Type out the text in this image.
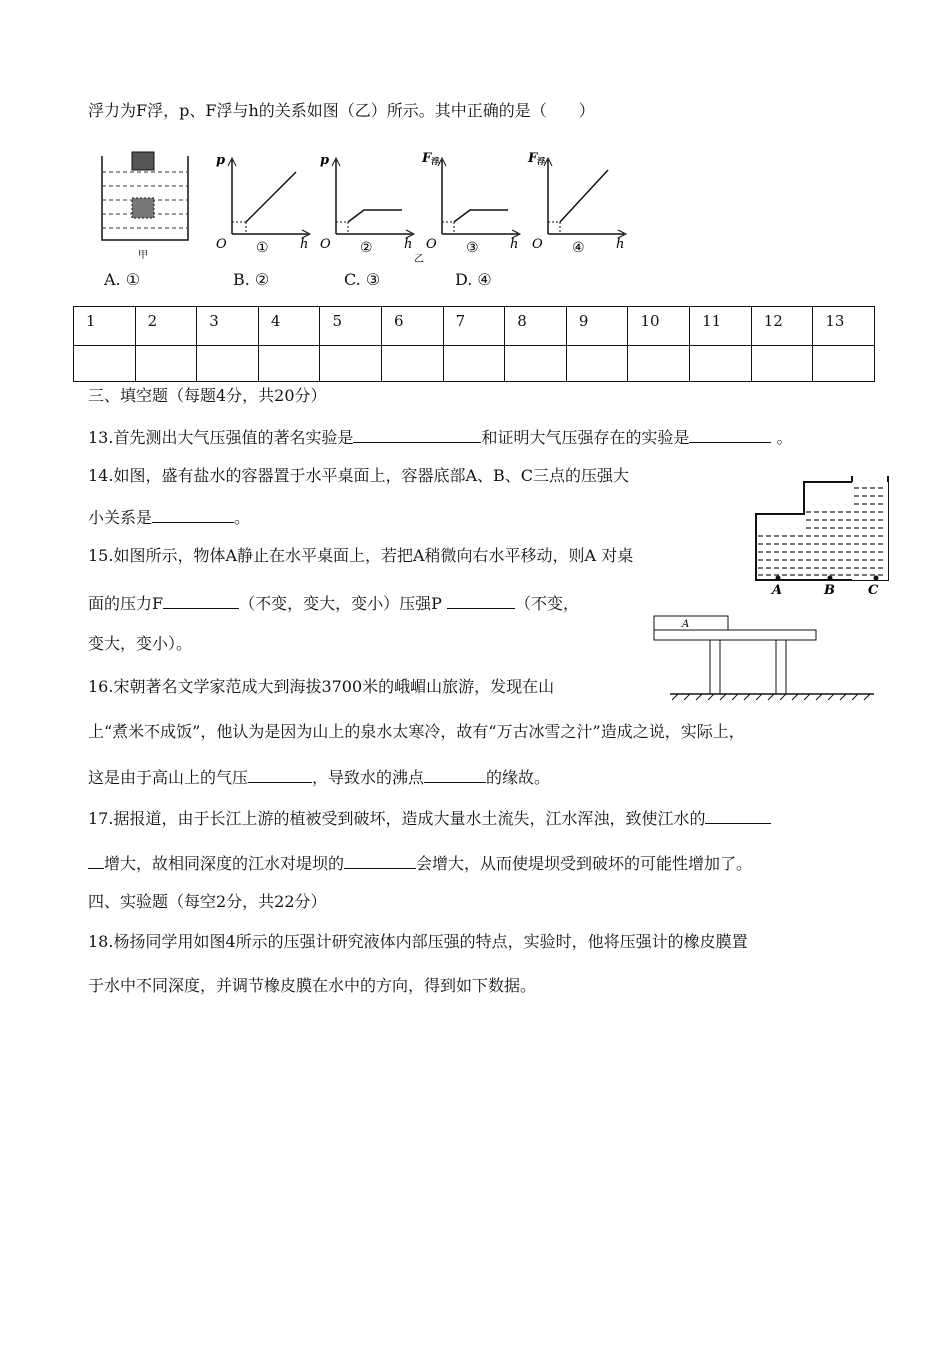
浮力为F浮，p、F浮与h的关系如图（乙）所示。其中正确的是（　　）
甲
p
O	h
①
p
O	h
②
F浮
O	h
③
乙
F浮
O	h
④
A. ①	B. ②	C. ③	D. ④
1	2	3	4	5	6	7	8	9	10	11	12	13

三、填空题（每题4分，共20分）
13.首先测出大气压强值的著名实验是	和证明大气压强存在的实验是	。
14.如图，盛有盐水的容器置于水平桌面上，容器底部A、B、C三点的压强大
小关系是	。
15.如图所示，物体A静止在水平桌面上，若把A稍微向右水平移动，则A 对桌
面的压力F	（不变，变大，变小）压强P	（不变，
变大，变小）。
16.宋朝著名文学家范成大到海拔3700米的峨嵋山旅游，发现在山
上“煮米不成饭”，他认为是因为山上的泉水太寒冷，故有“万古冰雪之汁”造成之说，实际上，
这是由于高山上的气压	，导致水的沸点	的缘故。
17.据报道，由于长江上游的植被受到破坏，造成大量水土流失，江水浑浊，致使江水的
增大，故相同深度的江水对堤坝的	会增大，从而使堤坝受到破坏的可能性增加了。
四、实验题（每空2分，共22分）
18.杨扬同学用如图4所示的压强计研究液体内部压强的特点，实验时，他将压强计的橡皮膜置
于水中不同深度，并调节橡皮膜在水中的方向，得到如下数据。
A	B	C
A
